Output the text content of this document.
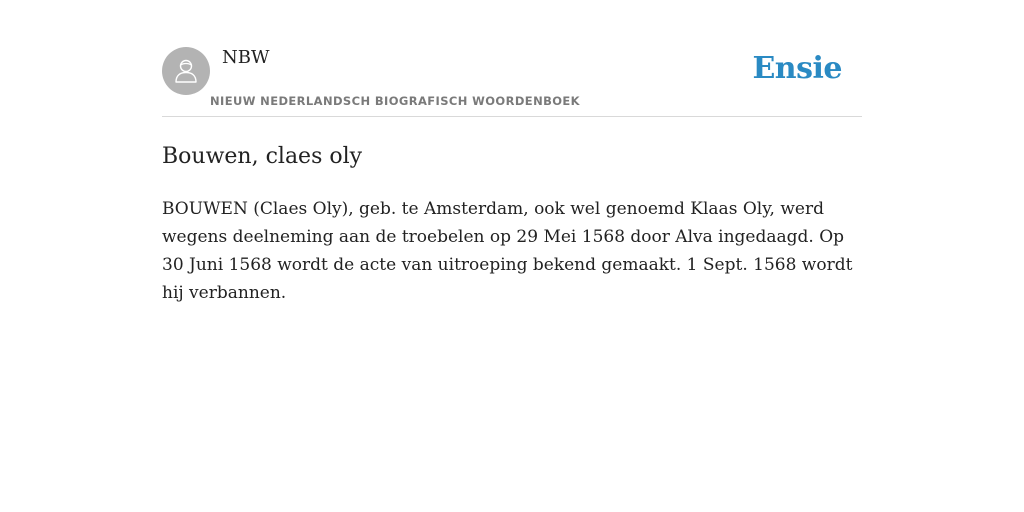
NBW
NIEUW NEDERLANDSCH BIOGRAFISCH WOORDENBOEK
Ensie
Bouwen, claes oly

BOUWEN (Claes Oly), geb. te Amsterdam, ook wel genoemd Klaas Oly, werd wegens deelneming aan de troebelen op 29 Mei 1568 door Alva ingedaagd. Op 30 Juni 1568 wordt de acte van uitroeping bekend gemaakt. 1 Sept. 1568 wordt hij verbannen.
